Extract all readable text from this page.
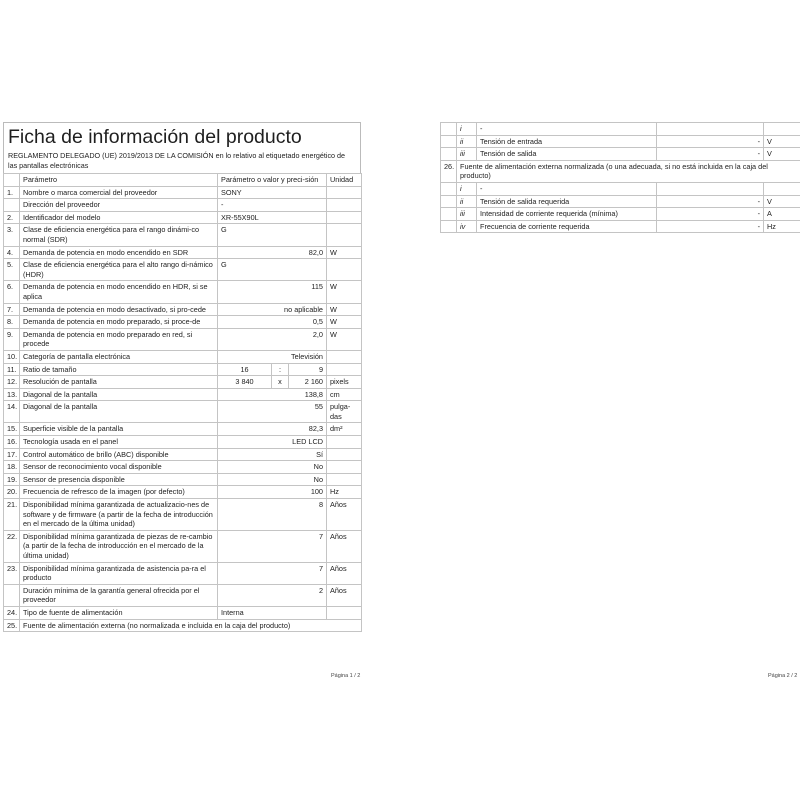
Ficha de información del producto
REGLAMENTO DELEGADO (UE) 2019/2013 DE LA COMISIÓN en lo relativo al etiquetado energético de las pantallas electrónicas
	Parámetro	Parámetro o valor y preci-sión			Unidad
1.	Nombre o marca comercial del proveedor	SONY			
	Dirección del proveedor	-			
2.	Identificador del modelo	XR-55X90L			
3.	Clase de eficiencia energética para el rango dinámi-co normal (SDR)	G			
4.	Demanda de potencia en modo encendido en SDR	82,0			W
5.	Clase de eficiencia energética para el alto rango di-námico (HDR)	G			
6.	Demanda de potencia en modo encendido en HDR, si se aplica	115			W
7.	Demanda de potencia en modo desactivado, si pro-cede	no aplicable			W
8.	Demanda de potencia en modo preparado, si proce-de	0,5			W
9.	Demanda de potencia en modo preparado en red, si procede	2,0			W
10.	Categoría de pantalla electrónica	Televisión			
11.	Ratio de tamaño	16	:	9	
12.	Resolución de pantalla	3 840	x	2 160	pixels
13.	Diagonal de la pantalla	138,8			cm
14.	Diagonal de la pantalla	55			pulga-das
15.	Superficie visible de la pantalla	82,3			dm²
16.	Tecnología usada en el panel	LED LCD			
17.	Control automático de brillo (ABC) disponible	Sí			
18.	Sensor de reconocimiento vocal disponible	No			
19.	Sensor de presencia disponible	No			
20.	Frecuencia de refresco de la imagen (por defecto)	100			Hz
21.	Disponibilidad mínima garantizada de actualizacio-nes de software y de firmware (a partir de la fecha de introducción en el mercado de la última unidad)	8			Años
22.	Disponibilidad mínima garantizada de piezas de re-cambio (a partir de la fecha de introducción en el mercado de la última unidad)	7			Años
23.	Disponibilidad mínima garantizada de asistencia pa-ra el producto	7			Años
	Duración mínima de la garantía general ofrecida por el proveedor	2			Años
24.	Tipo de fuente de alimentación	Interna			
25.	Fuente de alimentación externa (no normalizada e incluida en la caja del producto)				
Página 1 / 2
	i	-		
	ii	Tensión de entrada	-	V
	iii	Tensión de salida	-	V
26.	Fuente de alimentación externa normalizada (o una adecuada, si no está incluida en la caja del producto)			
	i	-		
	ii	Tensión de salida requerida	-	V
	iii	Intensidad de corriente requerida (mínima)	-	A
	iv	Frecuencia de corriente requerida	-	Hz
Página 2 / 2
